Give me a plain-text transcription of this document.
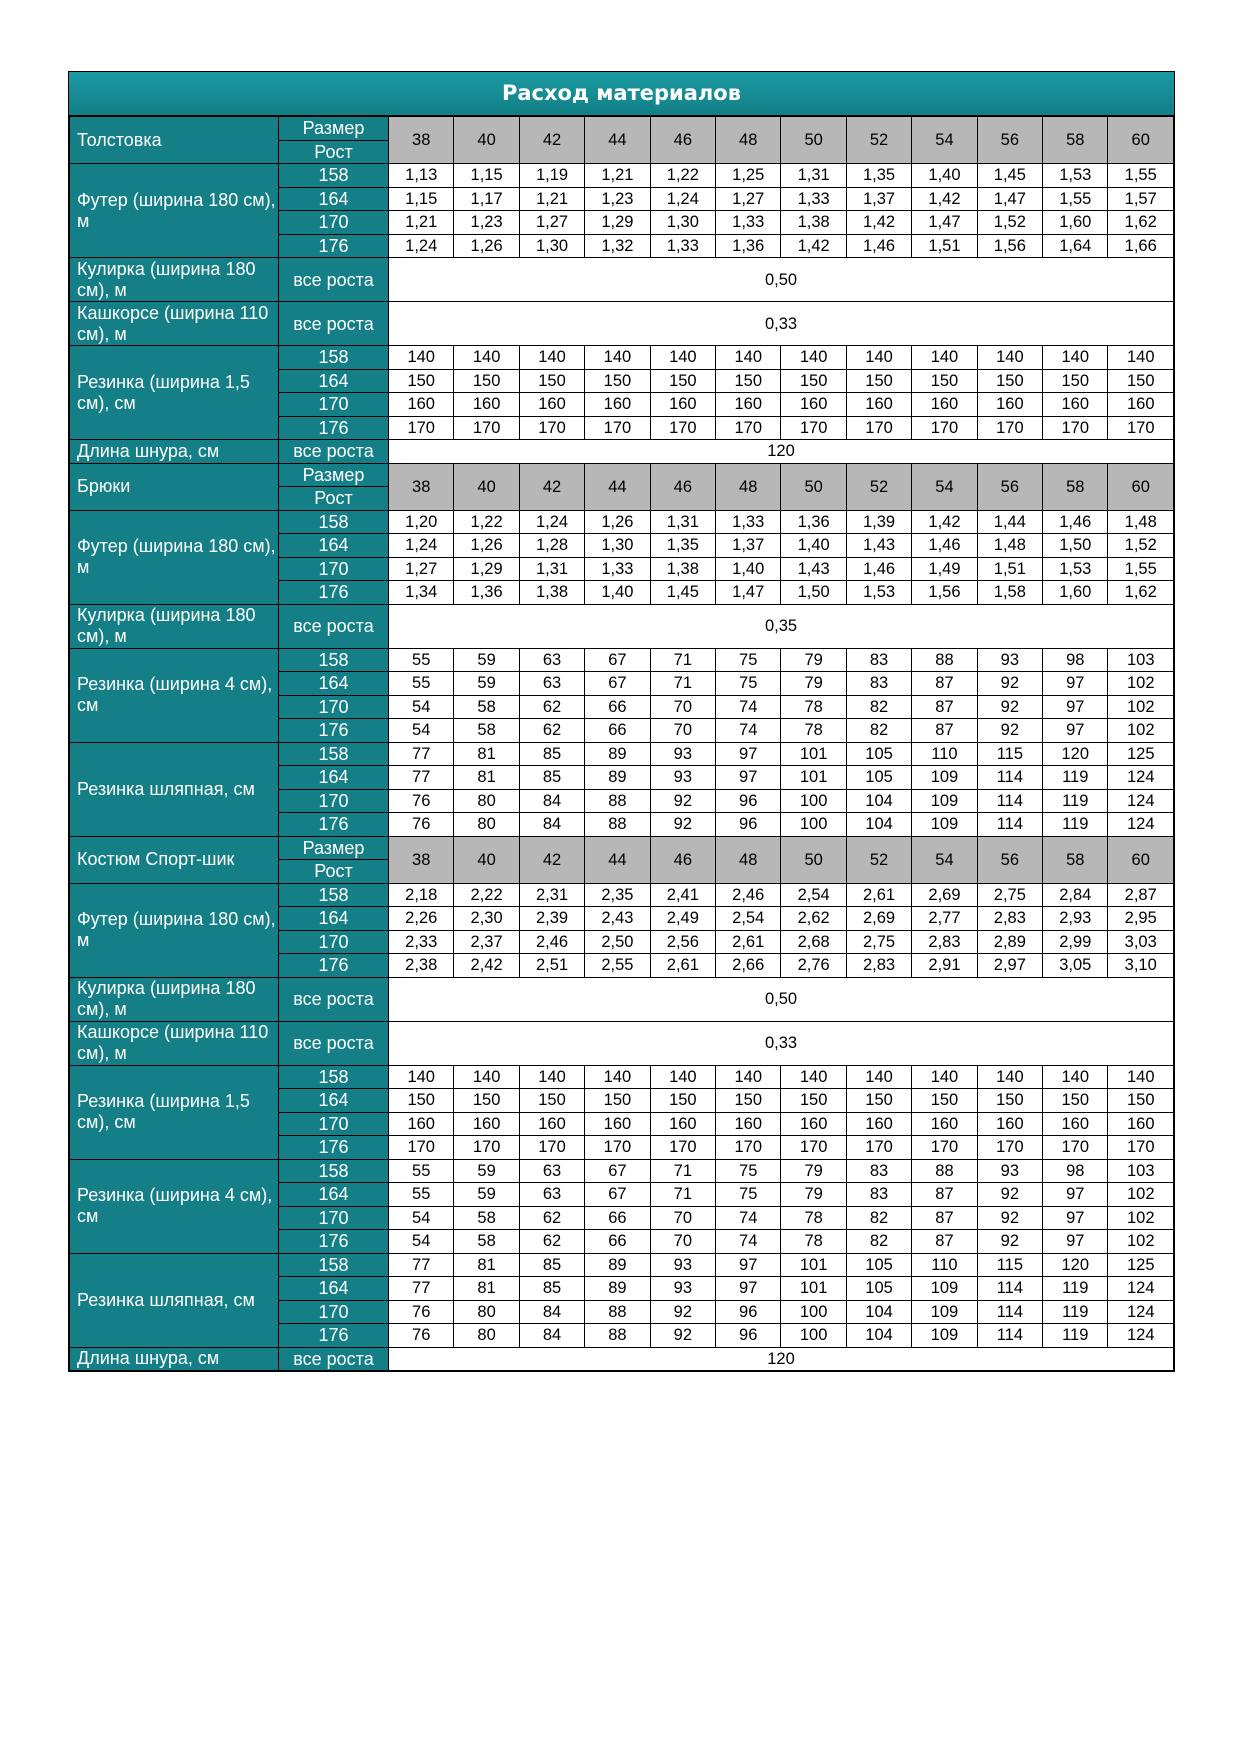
Расход материалов
Толстовка	Размер	38	40	42	44	46	48	50	52	54	56	58	60
	Рост												
Футер (ширина 180 см), м	158	1,13	1,15	1,19	1,21	1,22	1,25	1,31	1,35	1,40	1,45	1,53	1,55
	164	1,15	1,17	1,21	1,23	1,24	1,27	1,33	1,37	1,42	1,47	1,55	1,57
	170	1,21	1,23	1,27	1,29	1,30	1,33	1,38	1,42	1,47	1,52	1,60	1,62
	176	1,24	1,26	1,30	1,32	1,33	1,36	1,42	1,46	1,51	1,56	1,64	1,66
Кулирка (ширина 180 см), м	все роста	0,50											
Кашкорсе (ширина 110 см), м	все роста	0,33											
Резинка (ширина 1,5 см), см	158	140	140	140	140	140	140	140	140	140	140	140	140
	164	150	150	150	150	150	150	150	150	150	150	150	150
	170	160	160	160	160	160	160	160	160	160	160	160	160
	176	170	170	170	170	170	170	170	170	170	170	170	170
Длина шнура, см	все роста	120											
Брюки	Размер	38	40	42	44	46	48	50	52	54	56	58	60
	Рост												
Футер (ширина 180 см), м	158	1,20	1,22	1,24	1,26	1,31	1,33	1,36	1,39	1,42	1,44	1,46	1,48
	164	1,24	1,26	1,28	1,30	1,35	1,37	1,40	1,43	1,46	1,48	1,50	1,52
	170	1,27	1,29	1,31	1,33	1,38	1,40	1,43	1,46	1,49	1,51	1,53	1,55
	176	1,34	1,36	1,38	1,40	1,45	1,47	1,50	1,53	1,56	1,58	1,60	1,62
Кулирка (ширина 180 см), м	все роста	0,35											
Резинка (ширина 4 см), см	158	55	59	63	67	71	75	79	83	88	93	98	103
	164	55	59	63	67	71	75	79	83	87	92	97	102
	170	54	58	62	66	70	74	78	82	87	92	97	102
	176	54	58	62	66	70	74	78	82	87	92	97	102
Резинка шляпная, см	158	77	81	85	89	93	97	101	105	110	115	120	125
	164	77	81	85	89	93	97	101	105	109	114	119	124
	170	76	80	84	88	92	96	100	104	109	114	119	124
	176	76	80	84	88	92	96	100	104	109	114	119	124
Костюм Спорт-шик	Размер	38	40	42	44	46	48	50	52	54	56	58	60
	Рост												
Футер (ширина 180 см), м	158	2,18	2,22	2,31	2,35	2,41	2,46	2,54	2,61	2,69	2,75	2,84	2,87
	164	2,26	2,30	2,39	2,43	2,49	2,54	2,62	2,69	2,77	2,83	2,93	2,95
	170	2,33	2,37	2,46	2,50	2,56	2,61	2,68	2,75	2,83	2,89	2,99	3,03
	176	2,38	2,42	2,51	2,55	2,61	2,66	2,76	2,83	2,91	2,97	3,05	3,10
Кулирка (ширина 180 см), м	все роста	0,50											
Кашкорсе (ширина 110 см), м	все роста	0,33											
Резинка (ширина 1,5 см), см	158	140	140	140	140	140	140	140	140	140	140	140	140
	164	150	150	150	150	150	150	150	150	150	150	150	150
	170	160	160	160	160	160	160	160	160	160	160	160	160
	176	170	170	170	170	170	170	170	170	170	170	170	170
Резинка (ширина 4 см), см	158	55	59	63	67	71	75	79	83	88	93	98	103
	164	55	59	63	67	71	75	79	83	87	92	97	102
	170	54	58	62	66	70	74	78	82	87	92	97	102
	176	54	58	62	66	70	74	78	82	87	92	97	102
Резинка шляпная, см	158	77	81	85	89	93	97	101	105	110	115	120	125
	164	77	81	85	89	93	97	101	105	109	114	119	124
	170	76	80	84	88	92	96	100	104	109	114	119	124
	176	76	80	84	88	92	96	100	104	109	114	119	124
Длина шнура, см	все роста	120											
